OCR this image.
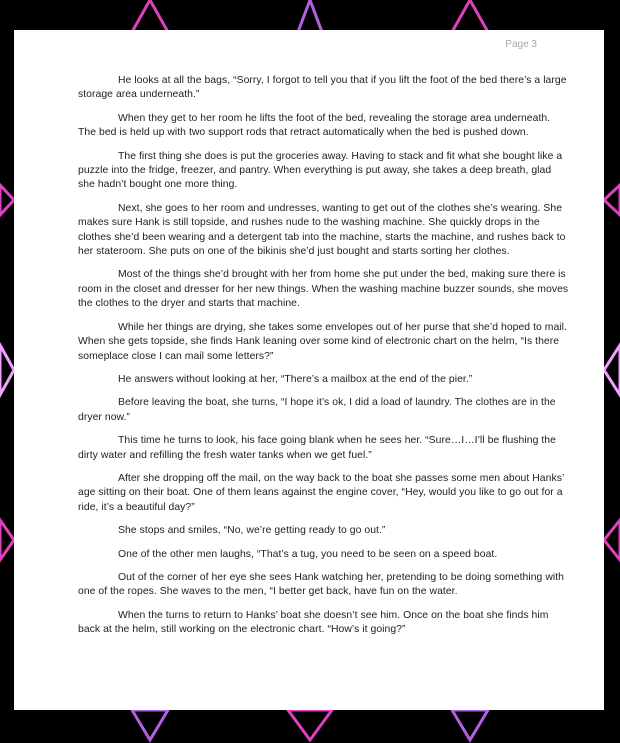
Page 3

He looks at all the bags, “Sorry, I forgot to tell you that if you lift the foot of the bed there’s a large storage area underneath.”

When they get to her room he lifts the foot of the bed, revealing the storage area underneath. The bed is held up with two support rods that retract automatically when the bed is pushed down.

The first thing she does is put the groceries away. Having to stack and fit what she bought like a puzzle into the fridge, freezer, and pantry. When everything is put away, she takes a deep breath, glad she hadn’t bought one more thing.

Next, she goes to her room and undresses, wanting to get out of the clothes she’s wearing. She makes sure Hank is still topside, and rushes nude to the washing machine. She quickly drops in the clothes she’d been wearing and a detergent tab into the machine, starts the machine, and rushes back to her stateroom. She puts on one of the bikinis she’d just bought and starts sorting her clothes.

Most of the things she’d brought with her from home she put under the bed, making sure there is room in the closet and dresser for her new things. When the washing machine buzzer sounds, she moves the clothes to the dryer and starts that machine.

While her things are drying, she takes some envelopes out of her purse that she’d hoped to mail. When she gets topside, she finds Hank leaning over some kind of electronic chart on the helm, “Is there someplace close I can mail some letters?”

He answers without looking at her, “There’s a mailbox at the end of the pier.”

Before leaving the boat, she turns, “I hope it’s ok, I did a load of laundry. The clothes are in the dryer now.”

This time he turns to look, his face going blank when he sees her. “Sure…I…I’ll be flushing the dirty water and refilling the fresh water tanks when we get fuel.”

After she dropping off the mail, on the way back to the boat she passes some men about Hanks’ age sitting on their boat. One of them leans against the engine cover, “Hey, would you like to go out for a ride, it’s a beautiful day?”

She stops and smiles, “No, we’re getting ready to go out.”

One of the other men laughs, “That’s a tug, you need to be seen on a speed boat.

Out of the corner of her eye she sees Hank watching her, pretending to be doing something with one of the ropes. She waves to the men, “I better get back, have fun on the water.

When the turns to return to Hanks’ boat she doesn’t see him. Once on the boat she finds him back at the helm, still working on the electronic chart. “How’s it going?”
